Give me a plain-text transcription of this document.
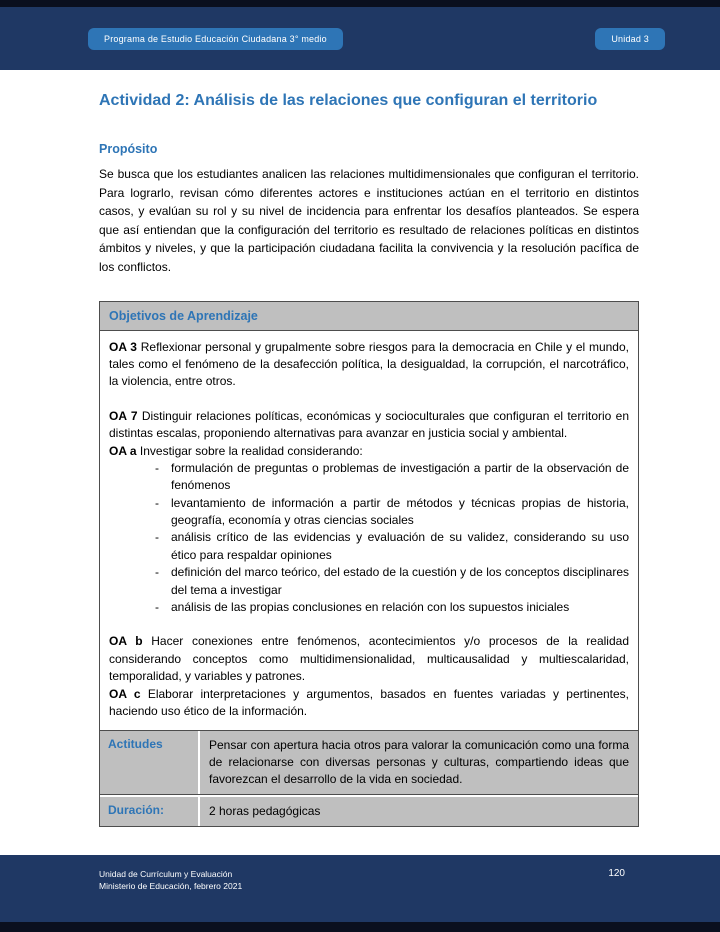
Programa de Estudio Educación Ciudadana 3° medio	Unidad 3
Actividad 2: Análisis de las relaciones que configuran el territorio
Propósito

Se busca que los estudiantes analicen las relaciones multidimensionales que configuran el territorio. Para lograrlo, revisan cómo diferentes actores e instituciones actúan en el territorio en distintos casos, y evalúan su rol y su nivel de incidencia para enfrentar los desafíos planteados. Se espera que así entiendan que la configuración del territorio es resultado de relaciones políticas en distintos ámbitos y niveles, y que la participación ciudadana facilita la convivencia y la resolución pacífica de los conflictos.

Objetivos de Aprendizaje

OA 3 Reflexionar personal y grupalmente sobre riesgos para la democracia en Chile y el mundo, tales como el fenómeno de la desafección política, la desigualdad, la corrupción, el narcotráfico, la violencia, entre otros.

OA 7 Distinguir relaciones políticas, económicas y socioculturales que configuran el territorio en distintas escalas, proponiendo alternativas para avanzar en justicia social y ambiental.

OA a Investigar sobre la realidad considerando:

- formulación de preguntas o problemas de investigación a partir de la observación de fenómenos
- levantamiento de información a partir de métodos y técnicas propias de historia, geografía, economía y otras ciencias sociales
- análisis crítico de las evidencias y evaluación de su validez, considerando su uso ético para respaldar opiniones
- definición del marco teórico, del estado de la cuestión y de los conceptos disciplinares del tema a investigar
- análisis de las propias conclusiones en relación con los supuestos iniciales

OA b Hacer conexiones entre fenómenos, acontecimientos y/o procesos de la realidad considerando conceptos como multidimensionalidad, multicausalidad y multiescalaridad, temporalidad, y variables y patrones.

OA c Elaborar interpretaciones y argumentos, basados en fuentes variadas y pertinentes, haciendo uso ético de la información.

Actitudes	Pensar con apertura hacia otros para valorar la comunicación como una forma de relacionarse con diversas personas y culturas, compartiendo ideas que favorezcan el desarrollo de la vida en sociedad.
Duración:	2 horas pedagógicas
Unidad de Currículum y Evaluación
Ministerio de Educación, febrero 2021
120
